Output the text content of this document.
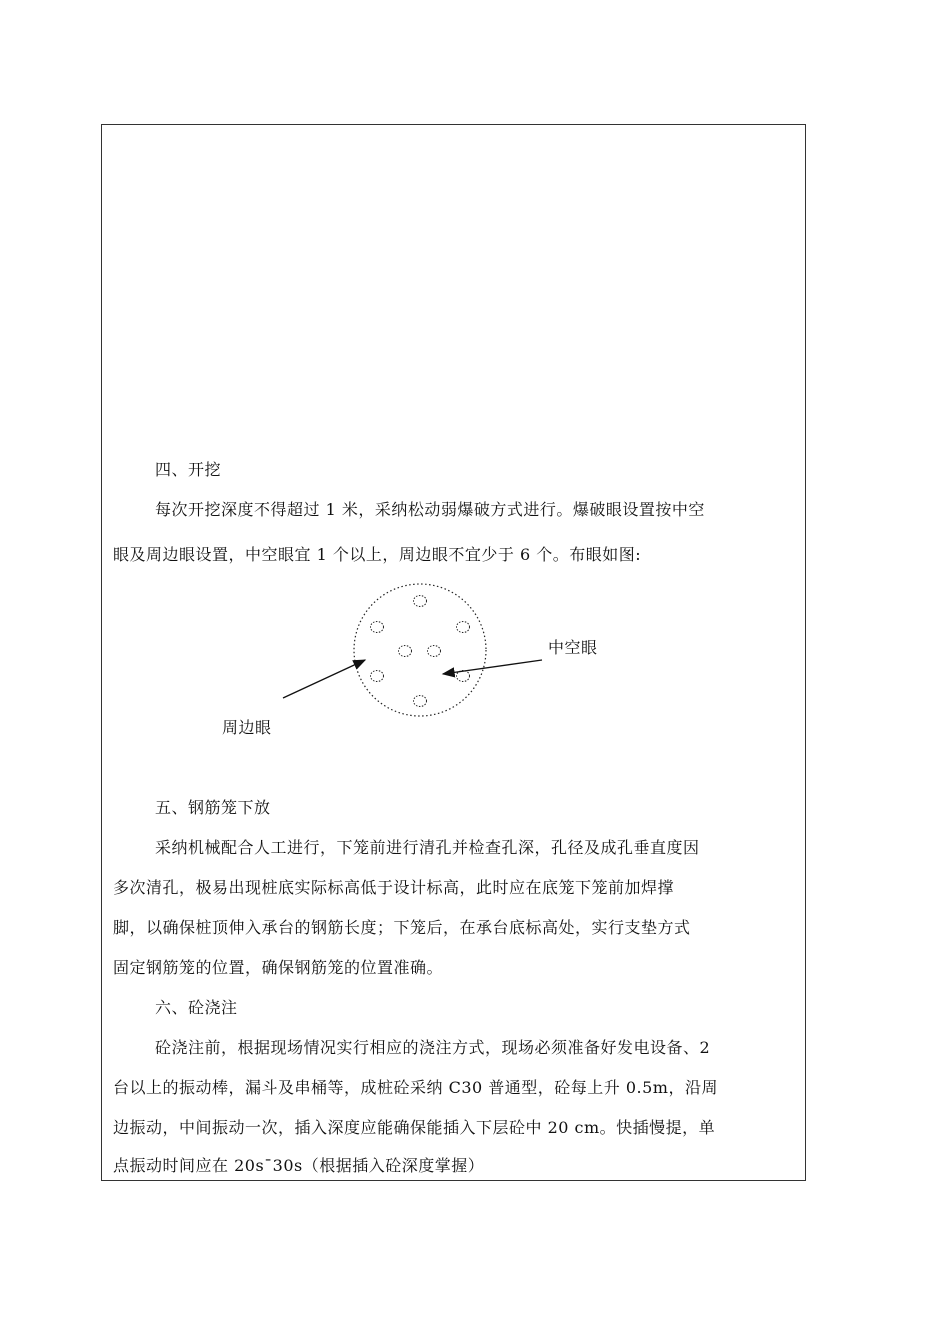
四、开挖
每次开挖深度不得超过 1 米，采纳松动弱爆破方式进行。爆破眼设置按中空
眼及周边眼设置，中空眼宜 1 个以上，周边眼不宜少于 6 个。布眼如图:
中空眼
周边眼
五、钢筋笼下放
采纳机械配合人工进行，下笼前进行清孔并检查孔深，孔径及成孔垂直度因
多次清孔，极易出现桩底实际标高低于设计标高，此时应在底笼下笼前加焊撑
脚，以确保桩顶伸入承台的钢筋长度；下笼后，在承台底标高处，实行支垫方式
固定钢筋笼的位置，确保钢筋笼的位置准确。
六、砼浇注
砼浇注前，根据现场情况实行相应的浇注方式，现场必须准备好发电设备、2
台以上的振动棒，漏斗及串桶等，成桩砼采纳 C30 普通型，砼每上升 0.5m，沿周
边振动，中间振动一次，插入深度应能确保能插入下层砼中 20 cm。快插慢提，单
点振动时间应在 20s¯30s（根据插入砼深度掌握）
